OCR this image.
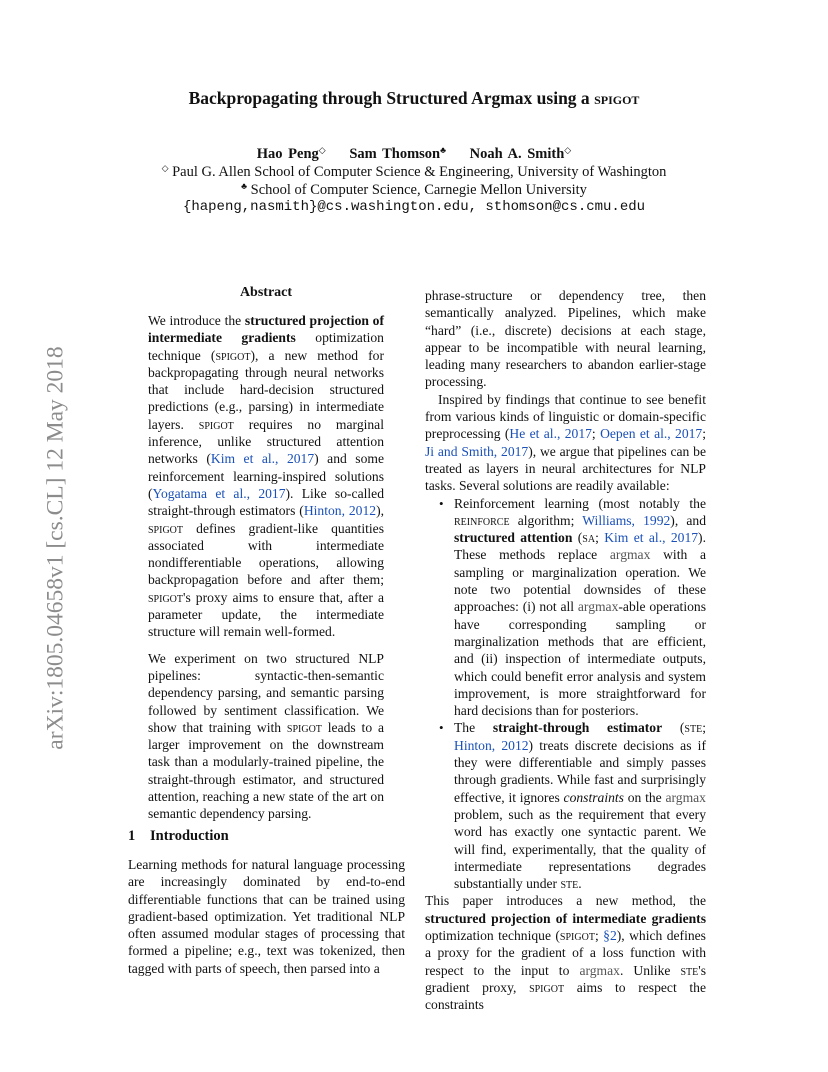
Backpropagating through Structured Argmax using a spigot
Hao Peng◇ Sam Thomson♣ Noah A. Smith◇
◇ Paul G. Allen School of Computer Science & Engineering, University of Washington
♣ School of Computer Science, Carnegie Mellon University
{hapeng,nasmith}@cs.washington.edu, sthomson@cs.cmu.edu
arXiv:1805.04658v1 [cs.CL] 12 May 2018
Abstract

We introduce the structured projection of intermediate gradients optimization technique (spigot), a new method for backpropagating through neural networks that include hard-decision structured predictions (e.g., parsing) in intermediate layers. spigot requires no marginal inference, unlike structured attention networks (Kim et al., 2017) and some reinforcement learning-inspired solutions (Yogatama et al., 2017). Like so-called straight-through estimators (Hinton, 2012), spigot defines gradient-like quantities associated with intermediate nondifferentiable operations, allowing backpropagation before and after them; spigot's proxy aims to ensure that, after a parameter update, the intermediate structure will remain well-formed.

We experiment on two structured NLP pipelines: syntactic-then-semantic dependency parsing, and semantic parsing followed by sentiment classification. We show that training with spigot leads to a larger improvement on the downstream task than a modularly-trained pipeline, the straight-through estimator, and structured attention, reaching a new state of the art on semantic dependency parsing.

1 Introduction

Learning methods for natural language processing are increasingly dominated by end-to-end differentiable functions that can be trained using gradient-based optimization. Yet traditional NLP often assumed modular stages of processing that formed a pipeline; e.g., text was tokenized, then tagged with parts of speech, then parsed into a

phrase-structure or dependency tree, then semantically analyzed. Pipelines, which make “hard” (i.e., discrete) decisions at each stage, appear to be incompatible with neural learning, leading many researchers to abandon earlier-stage processing.

Inspired by findings that continue to see benefit from various kinds of linguistic or domain-specific preprocessing (He et al., 2017; Oepen et al., 2017; Ji and Smith, 2017), we argue that pipelines can be treated as layers in neural architectures for NLP tasks. Several solutions are readily available:

• Reinforcement learning (most notably the reinforce algorithm; Williams, 1992), and structured attention (sa; Kim et al., 2017). These methods replace argmax with a sampling or marginalization operation. We note two potential downsides of these approaches: (i) not all argmax-able operations have corresponding sampling or marginalization methods that are efficient, and (ii) inspection of intermediate outputs, which could benefit error analysis and system improvement, is more straightforward for hard decisions than for posteriors.
• The straight-through estimator (ste; Hinton, 2012) treats discrete decisions as if they were differentiable and simply passes through gradients. While fast and surprisingly effective, it ignores constraints on the argmax problem, such as the requirement that every word has exactly one syntactic parent. We will find, experimentally, that the quality of intermediate representations degrades substantially under ste.

This paper introduces a new method, the structured projection of intermediate gradients optimization technique (spigot; §2), which defines a proxy for the gradient of a loss function with respect to the input to argmax. Unlike ste's gradient proxy, spigot aims to respect the constraints
